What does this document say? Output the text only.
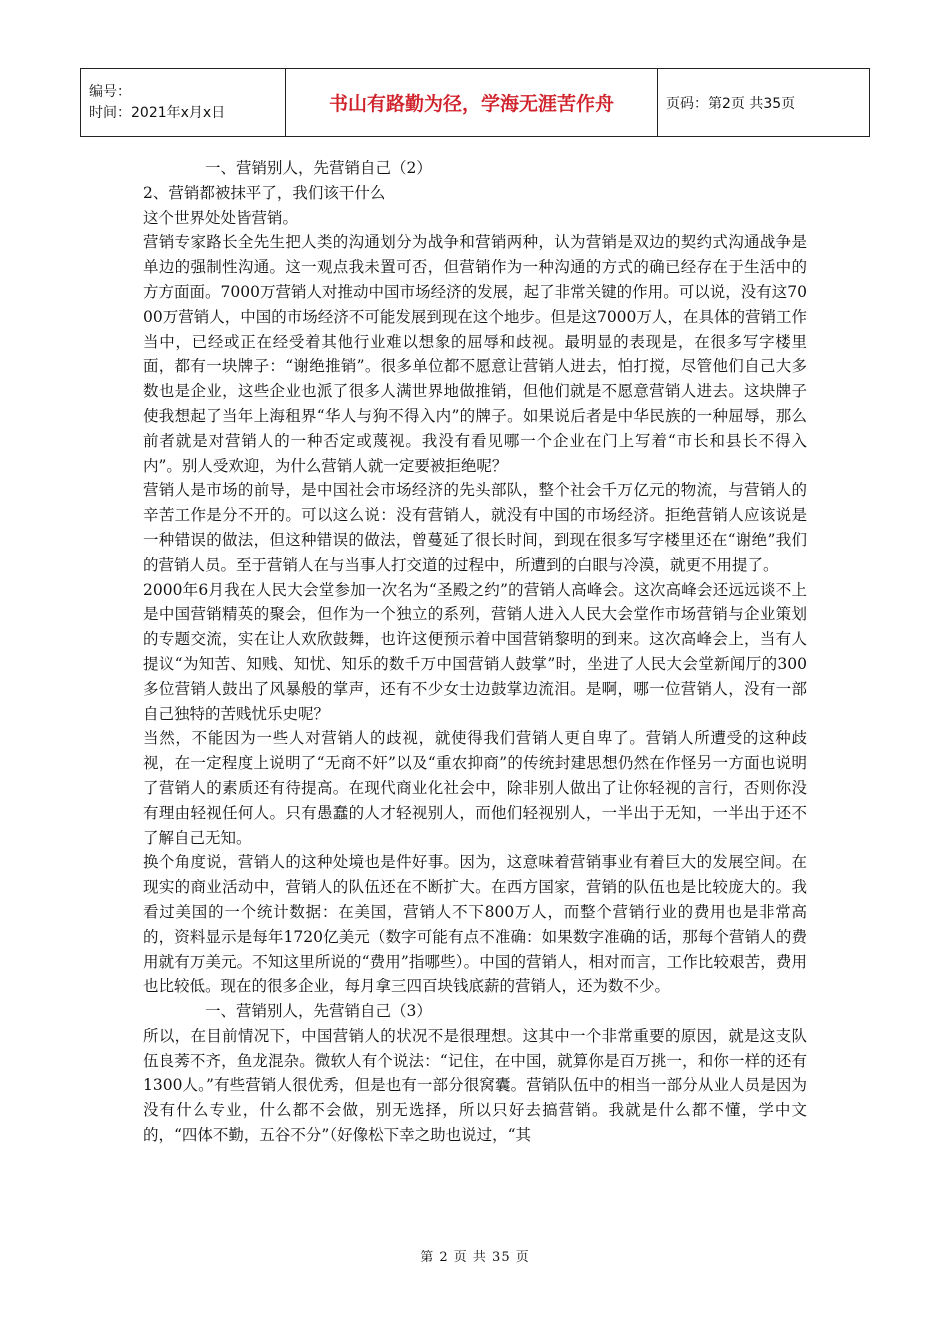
编号：
时间：2021年x月x日	书山有路勤为径，学海无涯苦作舟	页码：第2页 共35页

一、营销别人，先营销自己（2）

2、营销都被抹平了，我们该干什么

这个世界处处皆营销。

营销专家路长全先生把人类的沟通划分为战争和营销两种，认为营销是双边的契约式沟通战争是单边的强制性沟通。这一观点我未置可否，但营销作为一种沟通的方式的确已经存在于生活中的方方面面。7000万营销人对推动中国市场经济的发展，起了非常关键的作用。可以说，没有这7000万营销人，中国的市场经济不可能发展到现在这个地步。但是这7000万人，在具体的营销工作当中，已经或正在经受着其他行业难以想象的屈辱和歧视。最明显的表现是，在很多写字楼里面，都有一块牌子：“谢绝推销”。很多单位都不愿意让营销人进去，怕打搅，尽管他们自己大多数也是企业，这些企业也派了很多人满世界地做推销，但他们就是不愿意营销人进去。这块牌子使我想起了当年上海租界“华人与狗不得入内”的牌子。如果说后者是中华民族的一种屈辱，那么前者就是对营销人的一种否定或蔑视。我没有看见哪一个企业在门上写着“市长和县长不得入内”。别人受欢迎，为什么营销人就一定要被拒绝呢？

营销人是市场的前导，是中国社会市场经济的先头部队，整个社会千万亿元的物流，与营销人的辛苦工作是分不开的。可以这么说：没有营销人，就没有中国的市场经济。拒绝营销人应该说是一种错误的做法，但这种错误的做法，曾蔓延了很长时间，到现在很多写字楼里还在“谢绝”我们的营销人员。至于营销人在与当事人打交道的过程中，所遭到的白眼与冷漠，就更不用提了。

2000年6月我在人民大会堂参加一次名为“圣殿之约”的营销人高峰会。这次高峰会还远远谈不上是中国营销精英的聚会，但作为一个独立的系列，营销人进入人民大会堂作市场营销与企业策划的专题交流，实在让人欢欣鼓舞，也许这便预示着中国营销黎明的到来。这次高峰会上，当有人提议“为知苦、知贱、知忧、知乐的数千万中国营销人鼓掌”时，坐进了人民大会堂新闻厅的300多位营销人鼓出了风暴般的掌声，还有不少女士边鼓掌边流泪。是啊，哪一位营销人，没有一部自己独特的苦贱忧乐史呢？

当然，不能因为一些人对营销人的歧视，就使得我们营销人更自卑了。营销人所遭受的这种歧视，在一定程度上说明了“无商不奸”以及“重农抑商”的传统封建思想仍然在作怪另一方面也说明了营销人的素质还有待提高。在现代商业化社会中，除非别人做出了让你轻视的言行，否则你没有理由轻视任何人。只有愚蠢的人才轻视别人，而他们轻视别人，一半出于无知，一半出于还不了解自己无知。

换个角度说，营销人的这种处境也是件好事。因为，这意味着营销事业有着巨大的发展空间。在现实的商业活动中，营销人的队伍还在不断扩大。在西方国家，营销的队伍也是比较庞大的。我看过美国的一个统计数据：在美国，营销人不下800万人，而整个营销行业的费用也是非常高的，资料显示是每年1720亿美元（数字可能有点不准确：如果数字准确的话，那每个营销人的费用就有万美元。不知这里所说的“费用”指哪些）。中国的营销人，相对而言，工作比较艰苦，费用也比较低。现在的很多企业，每月拿三四百块钱底薪的营销人，还为数不少。

一、营销别人，先营销自己（3）

所以，在目前情况下，中国营销人的状况不是很理想。这其中一个非常重要的原因，就是这支队伍良莠不齐，鱼龙混杂。微软人有个说法：“记住，在中国，就算你是百万挑一，和你一样的还有1300人。”有些营销人很优秀，但是也有一部分很窝囊。营销队伍中的相当一部分从业人员是因为没有什么专业，什么都不会做，别无选择，所以只好去搞营销。我就是什么都不懂，学中文的，“四体不勤，五谷不分”（好像松下幸之助也说过，“其

第 2 页 共 35 页
